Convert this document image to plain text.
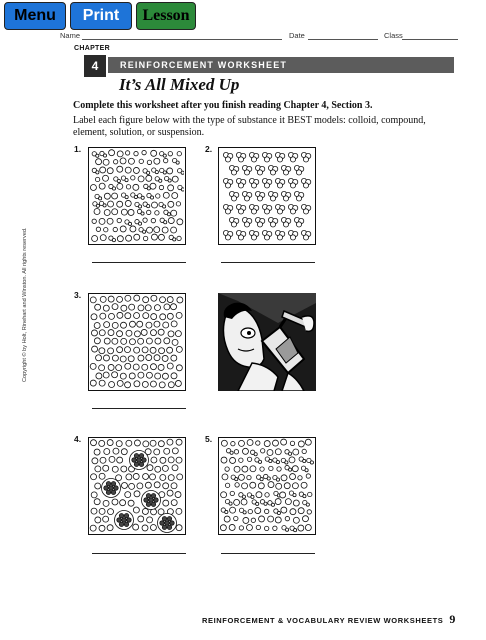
Menu	Print	Lesson
Name	Date	Class
CHAPTER
4	REINFORCEMENT WORKSHEET
It’s All Mixed Up
Complete this worksheet after you finish reading Chapter 4, Section 3.
Label each figure below with the type of substance it BEST models: colloid, compound, element, solution, or suspension.
1.	2.
3.
4.	5.
Copyright © by Holt, Rinehart and Winston. All rights reserved.
REINFORCEMENT & VOCABULARY REVIEW WORKSHEETS 9
